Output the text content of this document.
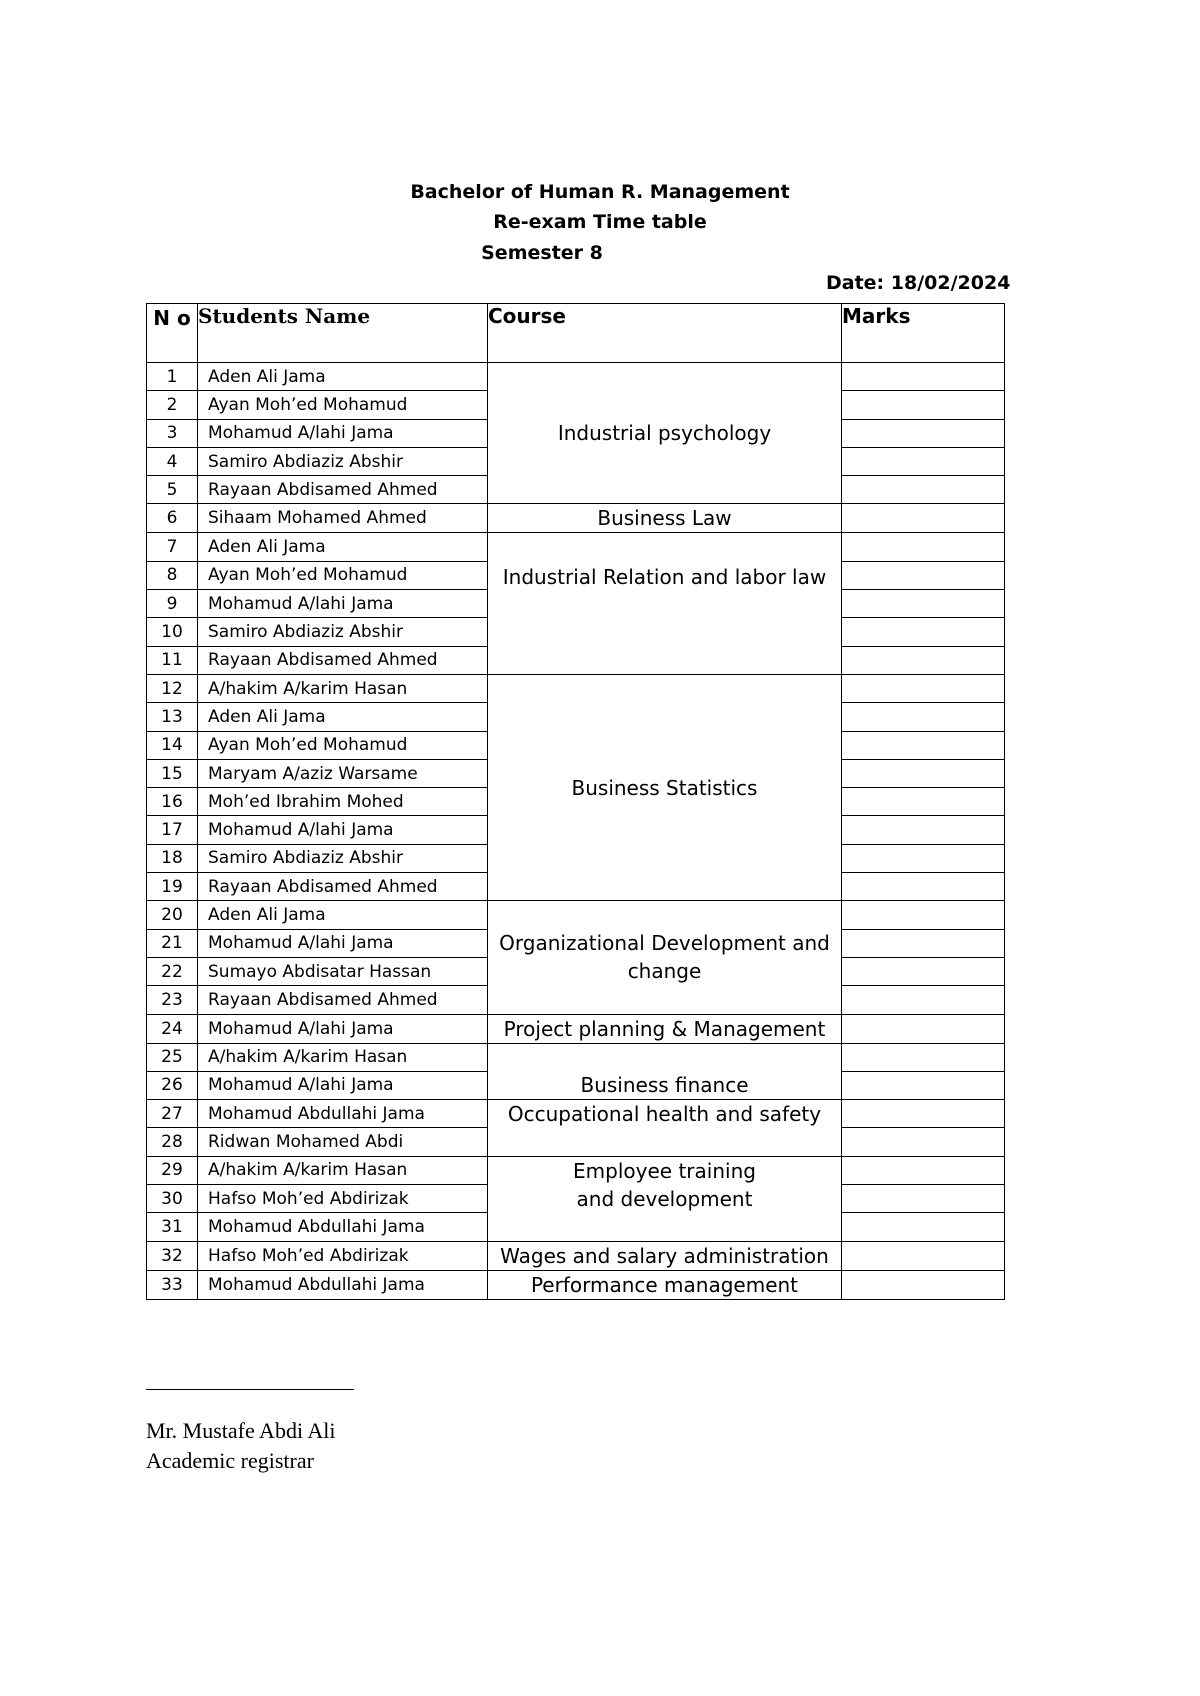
Bachelor of Human R. Management
Re-exam Time table
Semester 8
Date: 18/02/2024
N o	Students Name	Course	Marks
1	Aden Ali Jama	Industrial psychology	
2	Ayan Moh’ed Mohamud		
3	Mohamud A/lahi Jama		
4	Samiro Abdiaziz Abshir		
5	Rayaan Abdisamed Ahmed		
6	Sihaam Mohamed Ahmed	Business Law	
7	Aden Ali Jama	Industrial Relation and labor law	
8	Ayan Moh’ed Mohamud		
9	Mohamud A/lahi Jama		
10	Samiro Abdiaziz Abshir		
11	Rayaan Abdisamed Ahmed		
12	A/hakim A/karim Hasan	Business Statistics	
13	Aden Ali Jama		
14	Ayan Moh’ed Mohamud		
15	Maryam A/aziz Warsame		
16	Moh’ed Ibrahim Mohed		
17	Mohamud A/lahi Jama		
18	Samiro Abdiaziz Abshir		
19	Rayaan Abdisamed Ahmed		
20	Aden Ali Jama	Organizational Development and change	
21	Mohamud A/lahi Jama		
22	Sumayo Abdisatar Hassan		
23	Rayaan Abdisamed Ahmed		
24	Mohamud A/lahi Jama	Project planning & Management	
25	A/hakim A/karim Hasan	Business finance	
26	Mohamud A/lahi Jama		
27	Mohamud Abdullahi Jama	Occupational health and safety	
28	Ridwan Mohamed Abdi		
29	A/hakim A/karim Hasan	Employee training and development	
30	Hafso Moh’ed Abdirizak		
31	Mohamud Abdullahi Jama		
32	Hafso Moh’ed Abdirizak	Wages and salary administration	
33	Mohamud Abdullahi Jama	Performance management	
Mr. Mustafe Abdi Ali
Academic registrar
